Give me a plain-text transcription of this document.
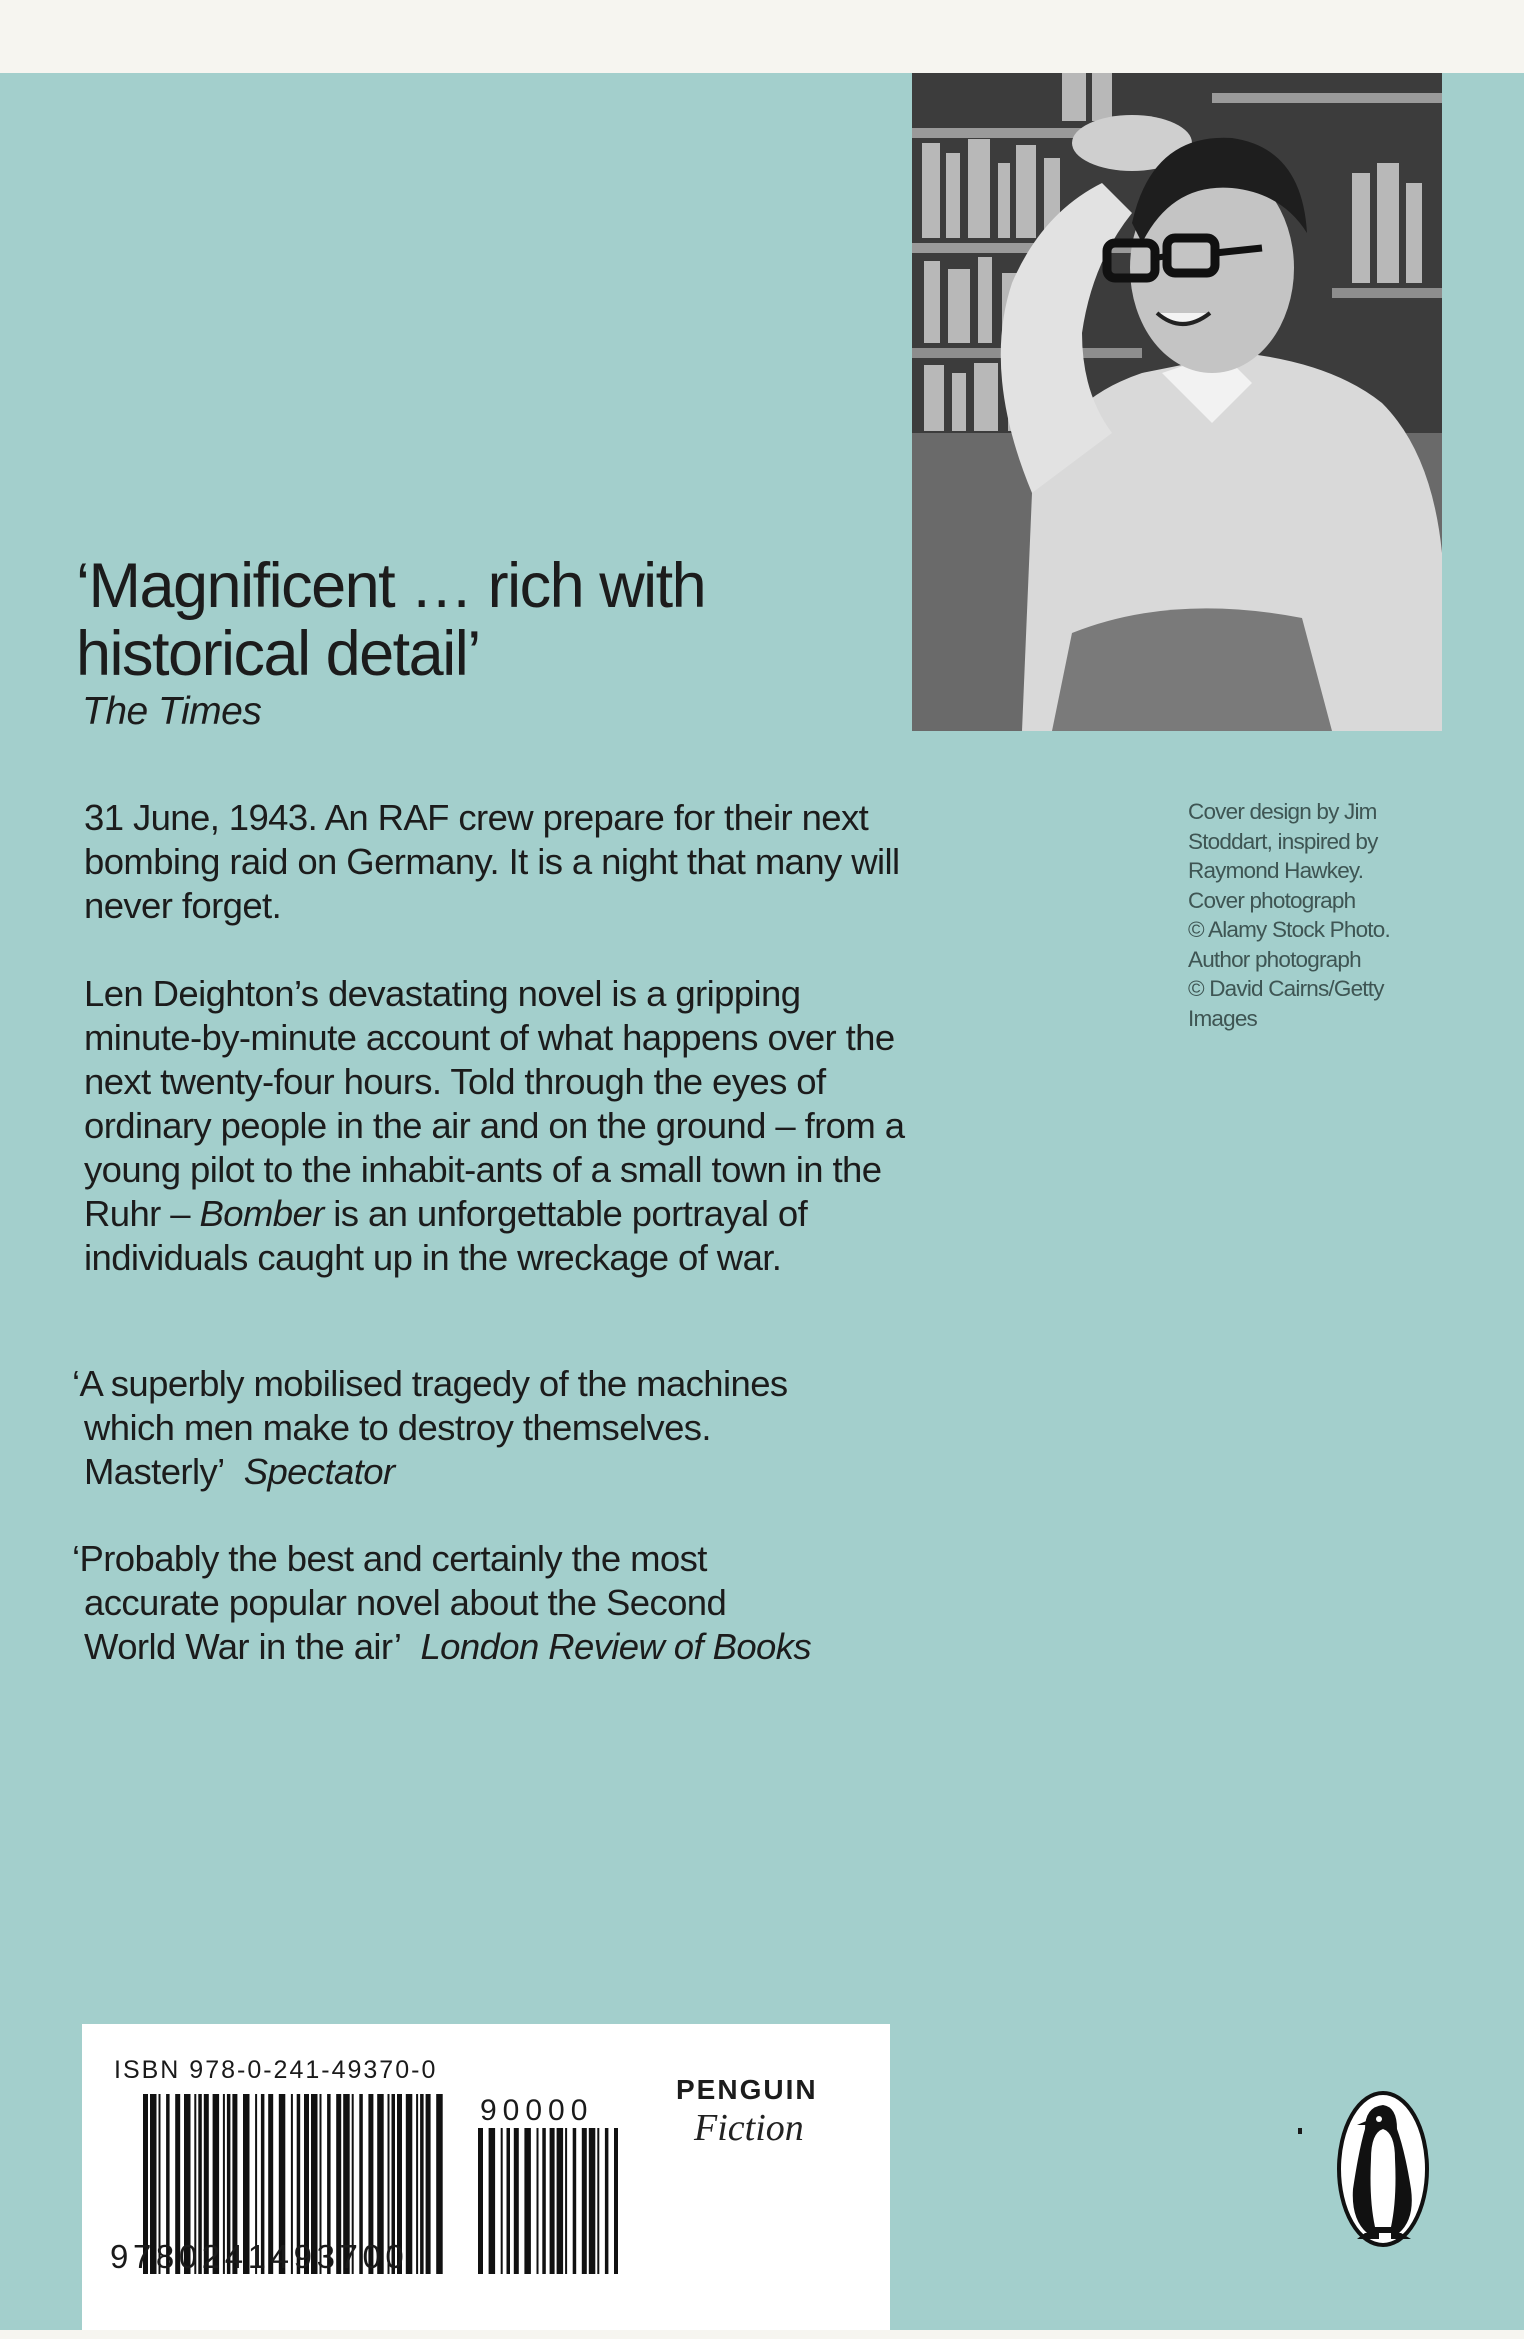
‘Magnificent … rich with historical detail’
The Times

31 June, 1943. An RAF crew prepare for their next bombing raid on Germany. It is a night that many will never forget.

Len Deighton’s devastating novel is a gripping minute-by-minute account of what happens over the next twenty-four hours. Told through the eyes of ordinary people in the air and on the ground – from a young pilot to the inhabit-ants of a small town in the Ruhr – Bomber is an unforgettable portrayal of individuals caught up in the wreckage of war.

‘A superbly mobilised tragedy of the machines
which men make to destroy themselves.
Masterly’ Spectator
‘Probably the best and certainly the most
accurate popular novel about the Second
World War in the air’ London Review of Books
Cover design by Jim
Stoddart, inspired by
Raymond Hawkey.
Cover photograph
© Alamy Stock Photo.
Author photograph
© David Cairns/Getty
Images
ISBN 978-0-241-49370-0
9780241493700
90000
PENGUIN
Fiction
